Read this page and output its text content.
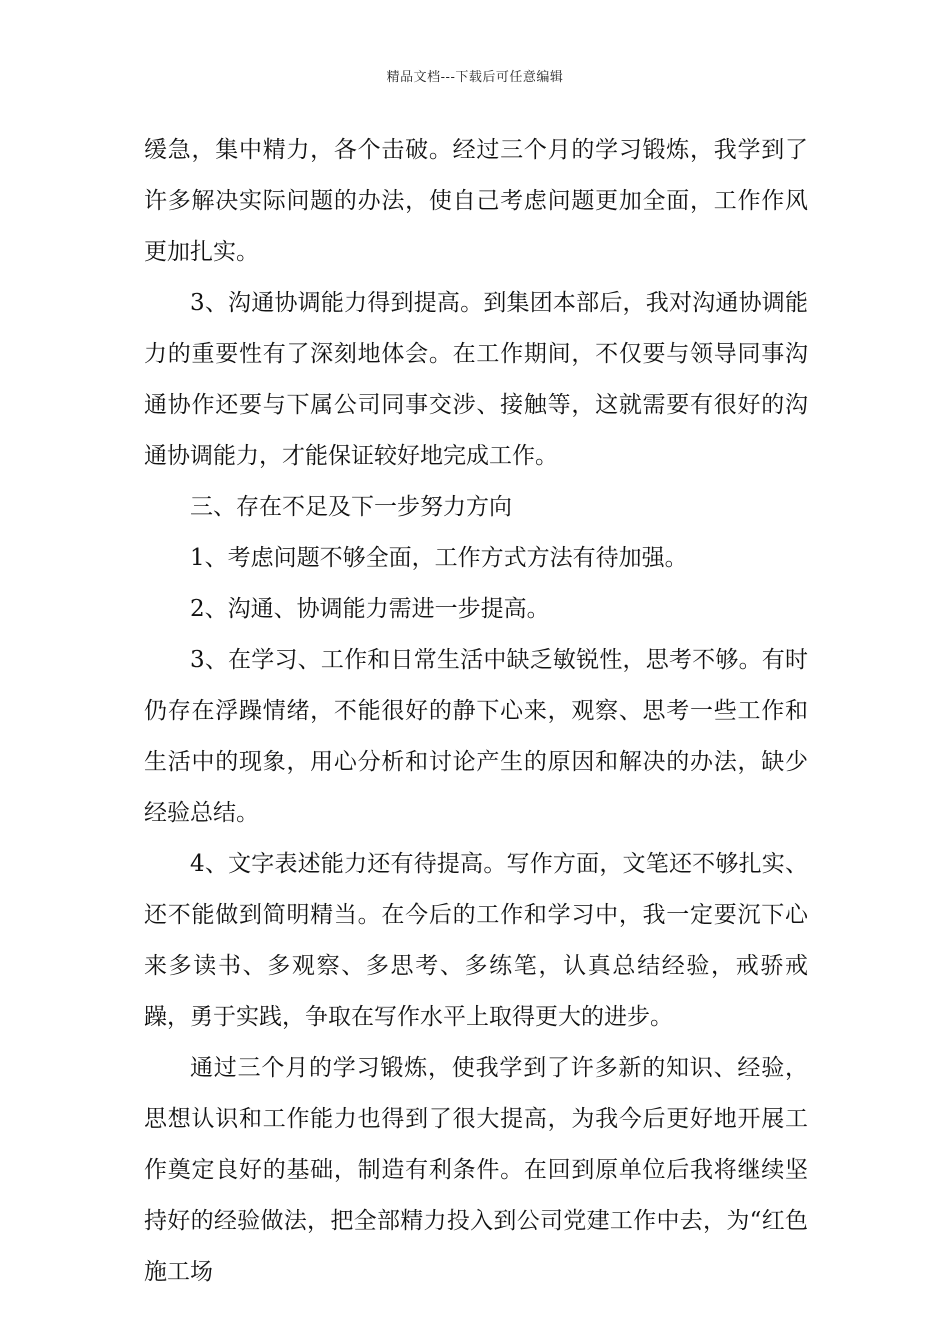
精品文档---下载后可任意编辑

缓急，集中精力，各个击破。经过三个月的学习锻炼，我学到了许多解决实际问题的办法，使自己考虑问题更加全面，工作作风更加扎实。

3、沟通协调能力得到提高。到集团本部后，我对沟通协调能力的重要性有了深刻地体会。在工作期间，不仅要与领导同事沟通协作还要与下属公司同事交涉、接触等，这就需要有很好的沟通协调能力，才能保证较好地完成工作。

三、存在不足及下一步努力方向

1、考虑问题不够全面，工作方式方法有待加强。

2、沟通、协调能力需进一步提高。

3、在学习、工作和日常生活中缺乏敏锐性，思考不够。有时仍存在浮躁情绪，不能很好的静下心来，观察、思考一些工作和生活中的现象，用心分析和讨论产生的原因和解决的办法，缺少经验总结。

4、文字表述能力还有待提高。写作方面，文笔还不够扎实、还不能做到简明精当。在今后的工作和学习中，我一定要沉下心来多读书、多观察、多思考、多练笔，认真总结经验，戒骄戒躁，勇于实践，争取在写作水平上取得更大的进步。

通过三个月的学习锻炼，使我学到了许多新的知识、经验，思想认识和工作能力也得到了很大提高，为我今后更好地开展工作奠定良好的基础，制造有利条件。在回到原单位后我将继续坚持好的经验做法，把全部精力投入到公司党建工作中去，为“红色施工场
